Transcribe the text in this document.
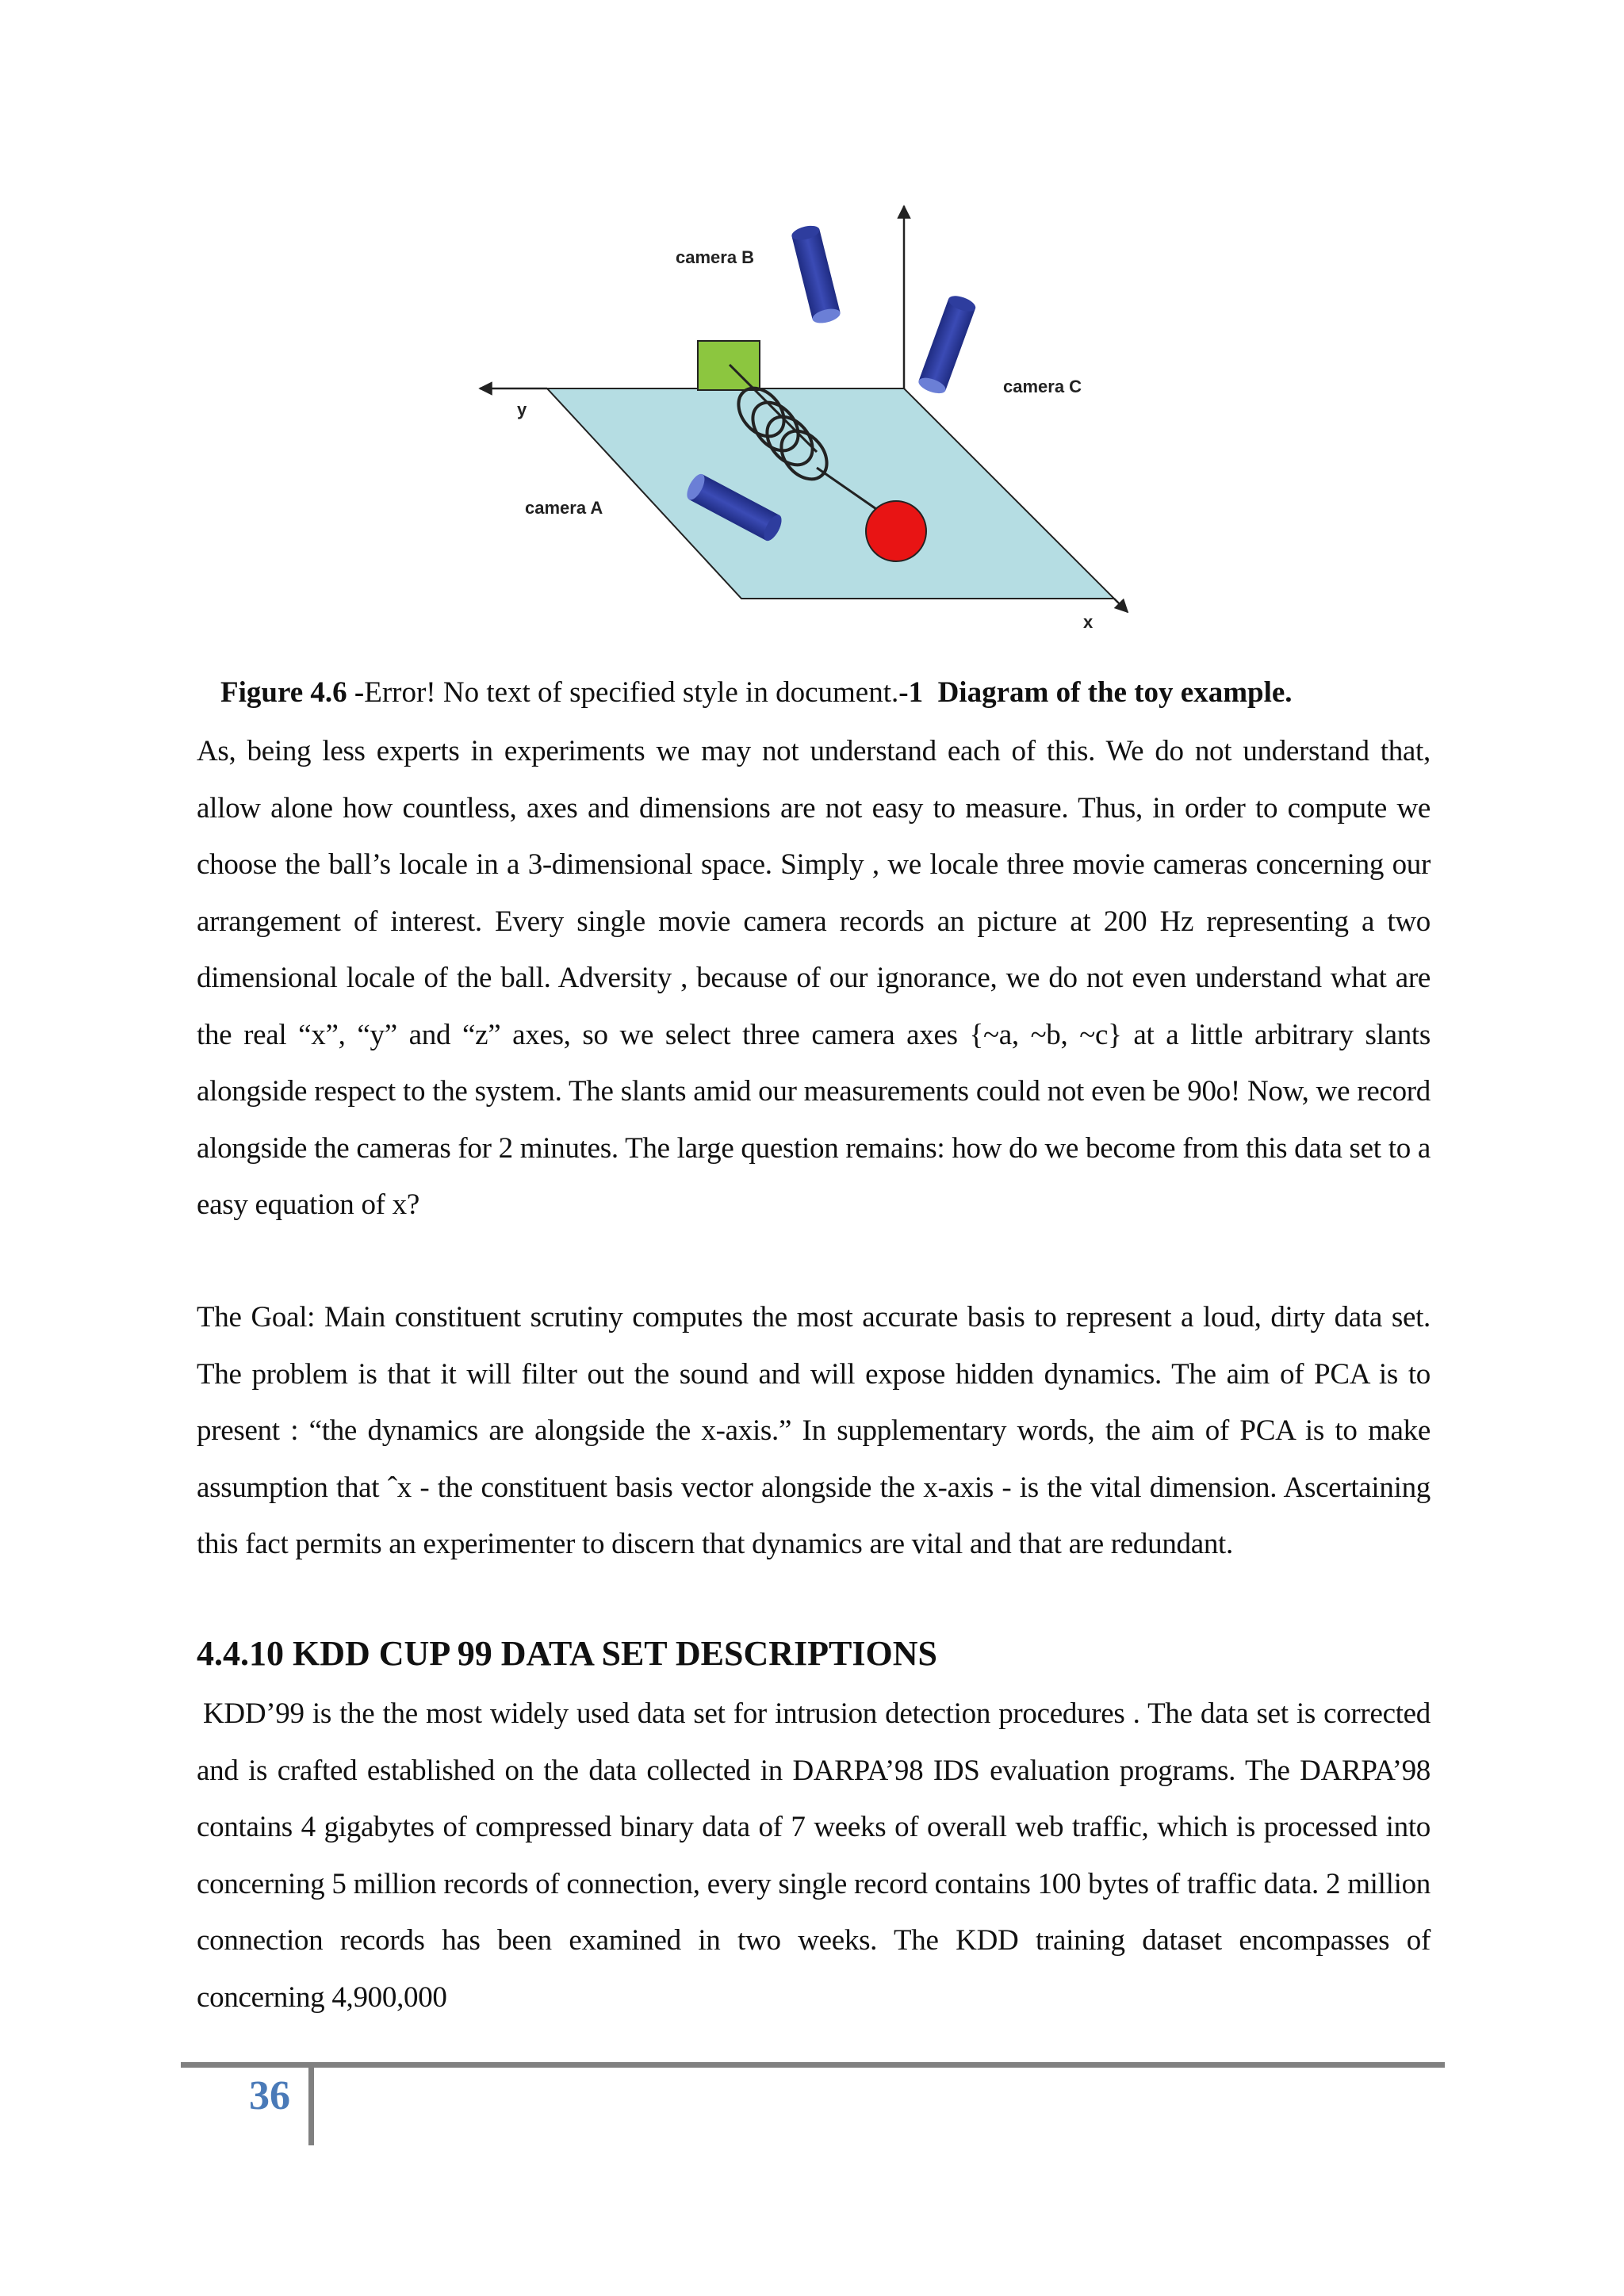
camera B
camera C
camera A
y
x
Figure 4.6 -Error! No text of specified style in document.-1 Diagram of the toy example.

As, being less experts in experiments we may not understand each of this. We do not understand that, allow alone how countless, axes and dimensions are not easy to measure. Thus, in order to compute we choose the ball’s locale in a 3-dimensional space. Simply , we locale three movie cameras concerning our arrangement of interest. Every single movie camera records an picture at 200 Hz representing a two dimensional locale of the ball. Adversity , because of our ignorance, we do not even understand what are the real “x”, “y” and “z” axes, so we select three camera axes {~a, ~b, ~c} at a little arbitrary slants alongside respect to the system. The slants amid our measurements could not even be 90o! Now, we record alongside the cameras for 2 minutes. The large question remains: how do we become from this data set to a easy equation of x?

The Goal: Main constituent scrutiny computes the most accurate basis to represent a loud, dirty data set. The problem is that it will filter out the sound and will expose hidden dynamics. The aim of PCA is to present : “the dynamics are alongside the x-axis.” In supplementary words, the aim of PCA is to make assumption that ˆx - the constituent basis vector alongside the x-axis - is the vital dimension. Ascertaining this fact permits an experimenter to discern that dynamics are vital and that are redundant.

4.4.10 KDD CUP 99 DATA SET DESCRIPTIONS

KDD’99 is the the most widely used data set for intrusion detection procedures . The data set is corrected and is crafted established on the data collected in DARPA’98 IDS evaluation programs. The DARPA’98 contains 4 gigabytes of compressed binary data of 7 weeks of overall web traffic, which is processed into concerning 5 million records of connection, every single record contains 100 bytes of traffic data. 2 million connection records has been examined in two weeks. The KDD training dataset encompasses of concerning 4,900,000

36
